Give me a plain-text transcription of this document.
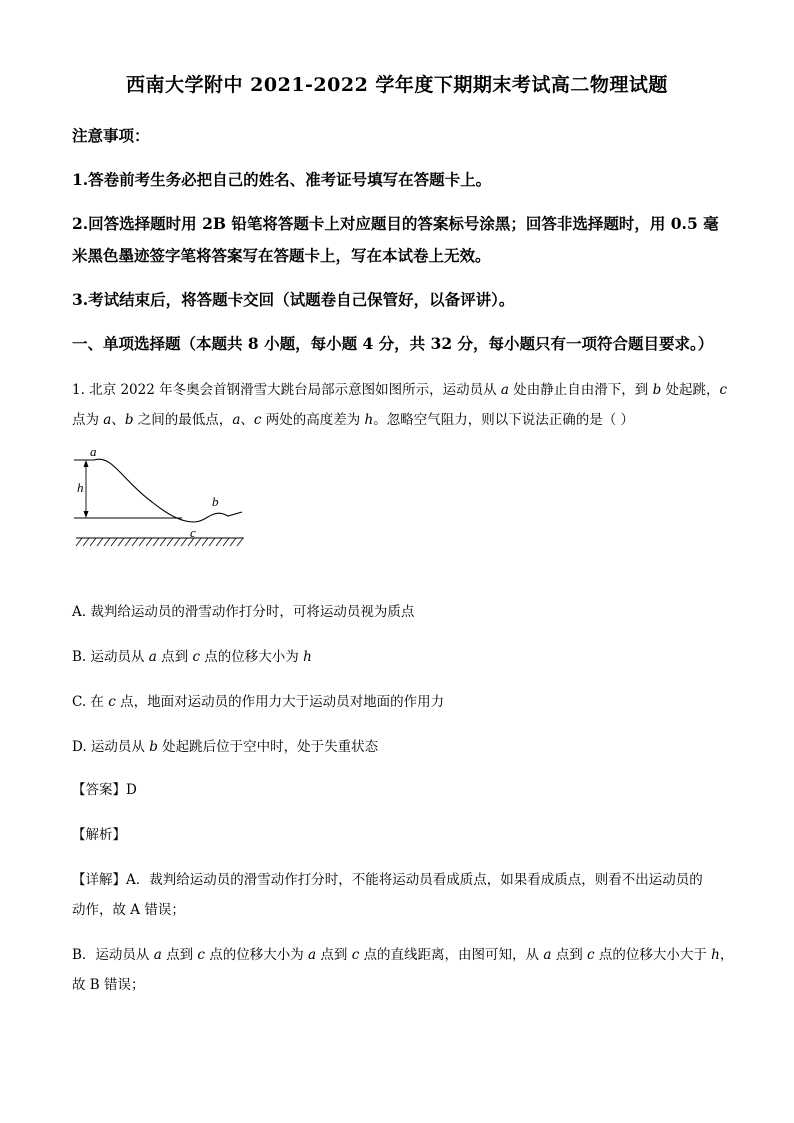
西南大学附中 2021-2022 学年度下期期末考试高二物理试题
注意事项：
1.答卷前考生务必把自己的姓名、准考证号填写在答题卡上。
2.回答选择题时用 2B 铅笔将答题卡上对应题目的答案标号涂黑；回答非选择题时，用 0.5 毫
米黑色墨迹签字笔将答案写在答题卡上，写在本试卷上无效。
3.考试结束后，将答题卡交回（试题卷自己保管好，以备评讲）。
一、单项选择题（本题共 8 小题，每小题 4 分，共 32 分，每小题只有一项符合题目要求。）
1. 北京 2022 年冬奥会首钢滑雪大跳台局部示意图如图所示，运动员从 a 处由静止自由滑下，到 b 处起跳，c
点为 a、b 之间的最低点，a、c 两处的高度差为 h。忽略空气阻力，则以下说法正确的是（ ）
a
h
b
c
A. 裁判给运动员的滑雪动作打分时，可将运动员视为质点
B. 运动员从 a 点到 c 点的位移大小为 h
C. 在 c 点，地面对运动员的作用力大于运动员对地面的作用力
D. 运动员从 b 处起跳后位于空中时，处于失重状态
【答案】D
【解析】
【详解】A．裁判给运动员的滑雪动作打分时，不能将运动员看成质点，如果看成质点，则看不出运动员的
动作，故 A 错误；
B．运动员从 a 点到 c 点的位移大小为 a 点到 c 点的直线距离，由图可知，从 a 点到 c 点的位移大小大于 h，
故 B 错误；
